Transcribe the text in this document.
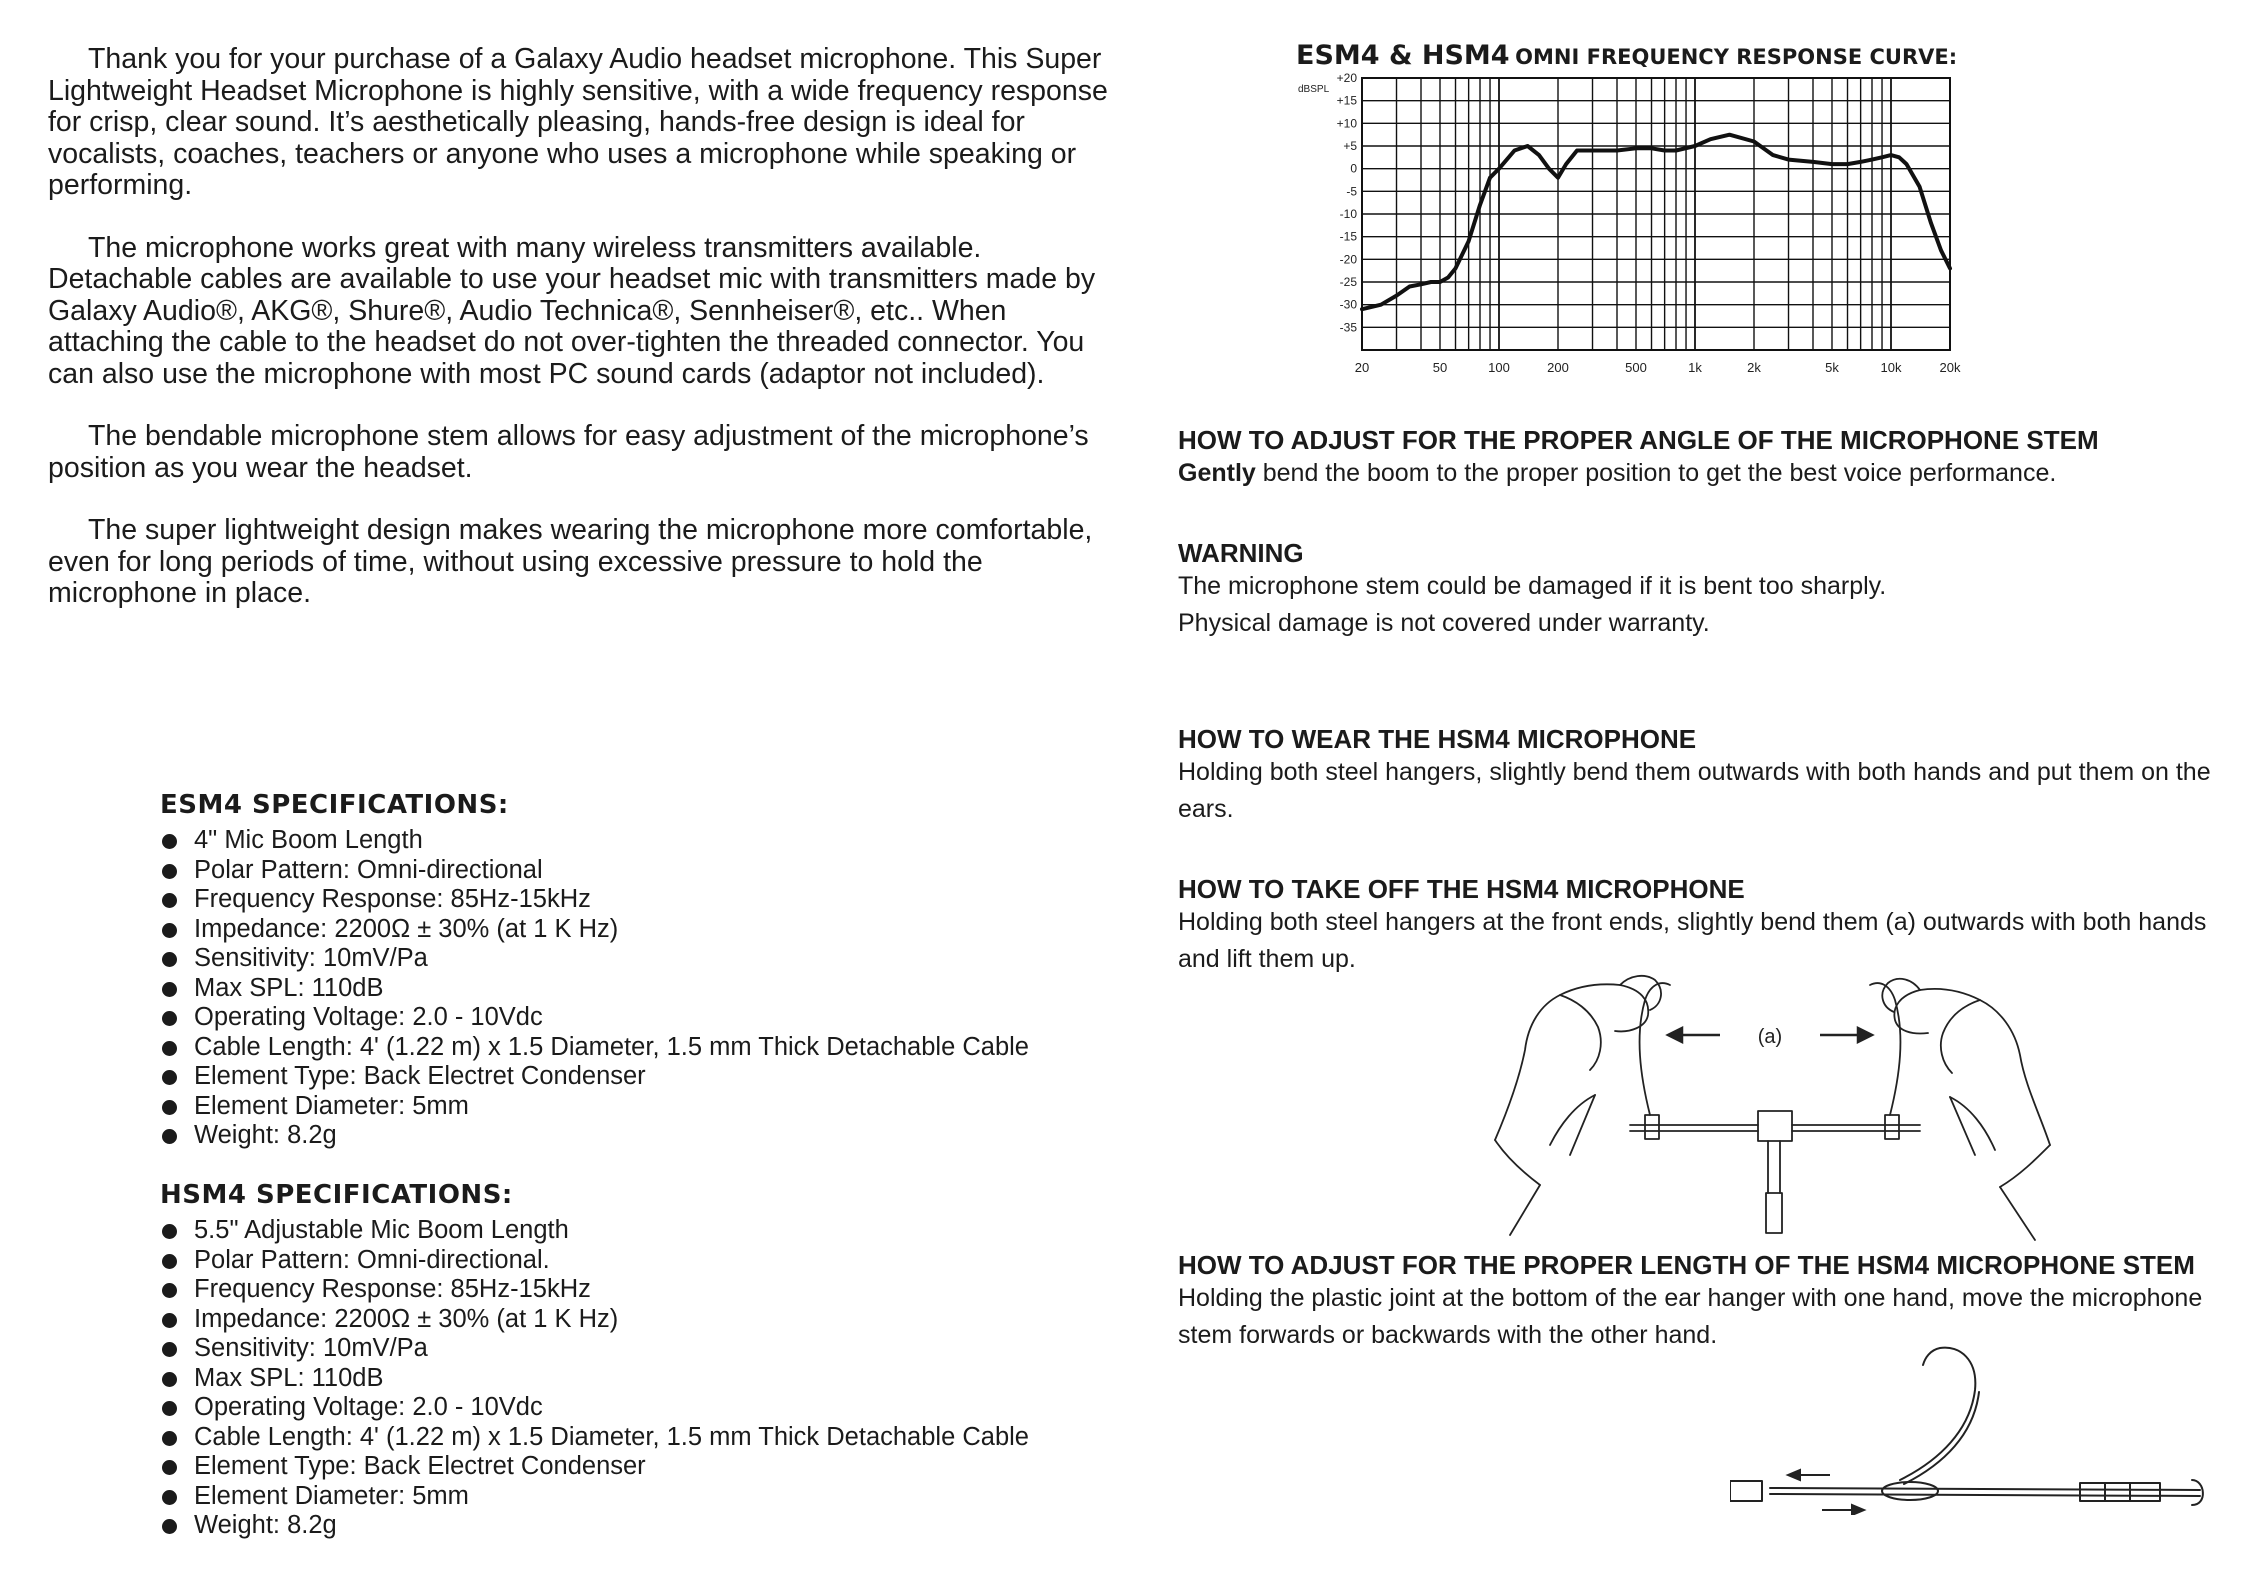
Thank you for your purchase of a Galaxy Audio headset microphone. This Super Lightweight Headset Microphone is highly sensitive, with a wide frequency response for crisp, clear sound. It’s aesthetically pleasing, hands-free design is ideal for vocalists, coaches, teachers or anyone who uses a microphone while speaking or performing.

The microphone works great with many wireless transmitters available. Detachable cables are available to use your headset mic with transmitters made by Galaxy Audio®, AKG®, Shure®, Audio Technica®, Sennheiser®, etc.. When attaching the cable to the headset do not over-tighten the threaded connector. You can also use the microphone with most PC sound cards (adaptor not included).

The bendable microphone stem allows for easy adjustment of the microphone’s position as you wear the headset.

The super lightweight design makes wearing the microphone more comfortable, even for long periods of time, without using excessive pressure to hold the microphone in place.

ESM4 SPECIFICATIONS:
4" Mic Boom Length
Polar Pattern: Omni-directional
Frequency Response: 85Hz-15kHz
Impedance: 2200Ω ± 30% (at 1 K Hz)
Sensitivity: 10mV/Pa
Max SPL: 110dB
Operating Voltage: 2.0 - 10Vdc
Cable Length: 4' (1.22 m) x 1.5 Diameter, 1.5 mm Thick Detachable Cable
Element Type: Back Electret Condenser
Element Diameter: 5mm
Weight: 8.2g
HSM4 SPECIFICATIONS:
5.5" Adjustable Mic Boom Length
Polar Pattern: Omni-directional.
Frequency Response: 85Hz-15kHz
Impedance: 2200Ω ± 30% (at 1 K Hz)
Sensitivity: 10mV/Pa
Max SPL: 110dB
Operating Voltage: 2.0 - 10Vdc
Cable Length: 4' (1.22 m) x 1.5 Diameter, 1.5 mm Thick Detachable Cable
Element Type: Back Electret Condenser
Element Diameter: 5mm
Weight: 8.2g
ESM4 & HSM4 OMNI FREQUENCY RESPONSE CURVE:
+20
+15
+10
+5
0
-5
-10
-15
-20
-25
-30
-35
dBSPL
20	50	100	200	500	1k	2k	5k	10k	20k

HOW TO ADJUST FOR THE PROPER ANGLE OF THE MICROPHONE STEM

Gently bend the boom to the proper position to get the best voice performance.

WARNING

The microphone stem could be damaged if it is bent too sharply.

Physical damage is not covered under warranty.

HOW TO WEAR THE HSM4 MICROPHONE

Holding both steel hangers, slightly bend them outwards with both hands and put them on the ears.

HOW TO TAKE OFF THE HSM4 MICROPHONE

Holding both steel hangers at the front ends, slightly bend them (a) outwards with both hands and lift them up.

(a)

HOW TO ADJUST FOR THE PROPER LENGTH OF THE HSM4 MICROPHONE STEM

Holding the plastic joint at the bottom of the ear hanger with one hand, move the microphone stem forwards or backwards with the other hand.
